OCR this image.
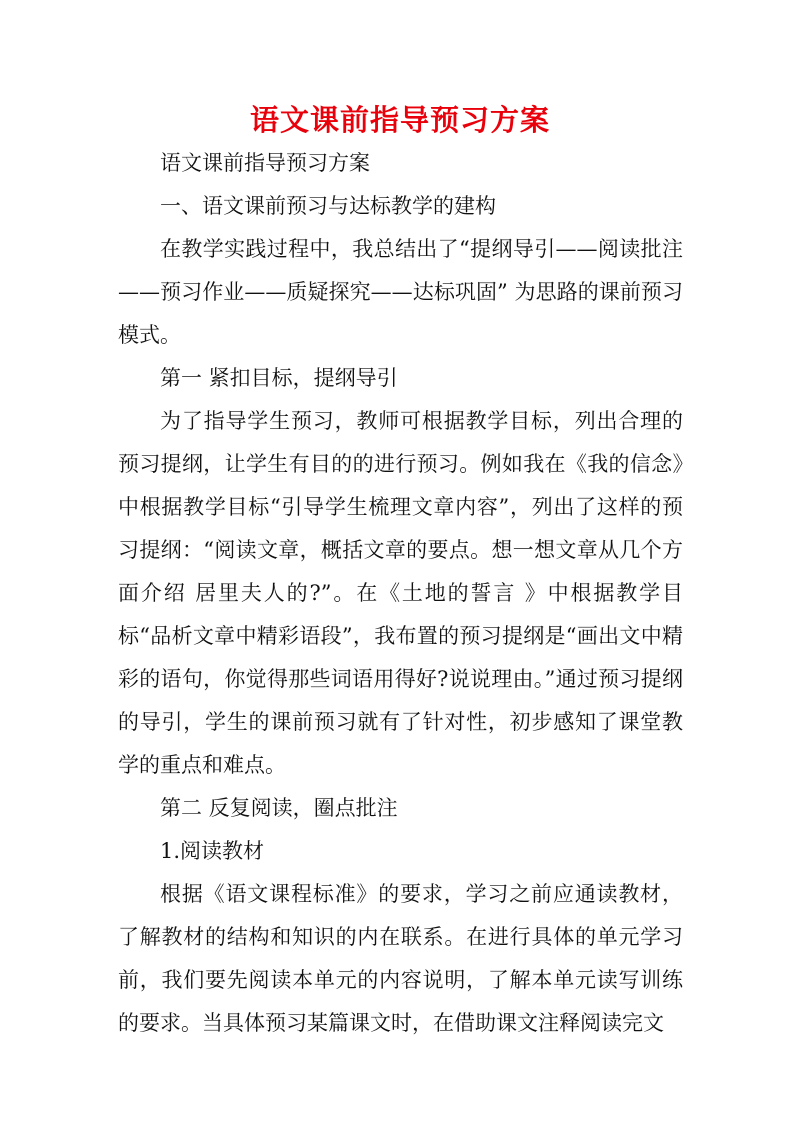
语文课前指导预习方案

语文课前指导预习方案

一、语文课前预习与达标教学的建构

在教学实践过程中，我总结出了“提纲导引——阅读批注——预习作业——质疑探究——达标巩固” 为思路的课前预习模式。

第一 紧扣目标，提纲导引

为了指导学生预习，教师可根据教学目标，列出合理的预习提纲，让学生有目的的进行预习。例如我在《我的信念》中根据教学目标“引导学生梳理文章内容”，列出了这样的预习提纲：“阅读文章，概括文章的要点。想一想文章从几个方面介绍 居里夫人的?”。在《土地的誓言 》中根据教学目标“品析文章中精彩语段”，我布置的预习提纲是“画出文中精彩的语句，你觉得那些词语用得好?说说理由。”通过预习提纲的导引，学生的课前预习就有了针对性，初步感知了课堂教学的重点和难点。

第二 反复阅读，圈点批注

1.阅读教材

根据《语文课程标准》的要求，学习之前应通读教材，了解教材的结构和知识的内在联系。在进行具体的单元学习前，我们要先阅读本单元的内容说明，了解本单元读写训练的要求。当具体预习某篇课文时，在借助课文注释阅读完文
